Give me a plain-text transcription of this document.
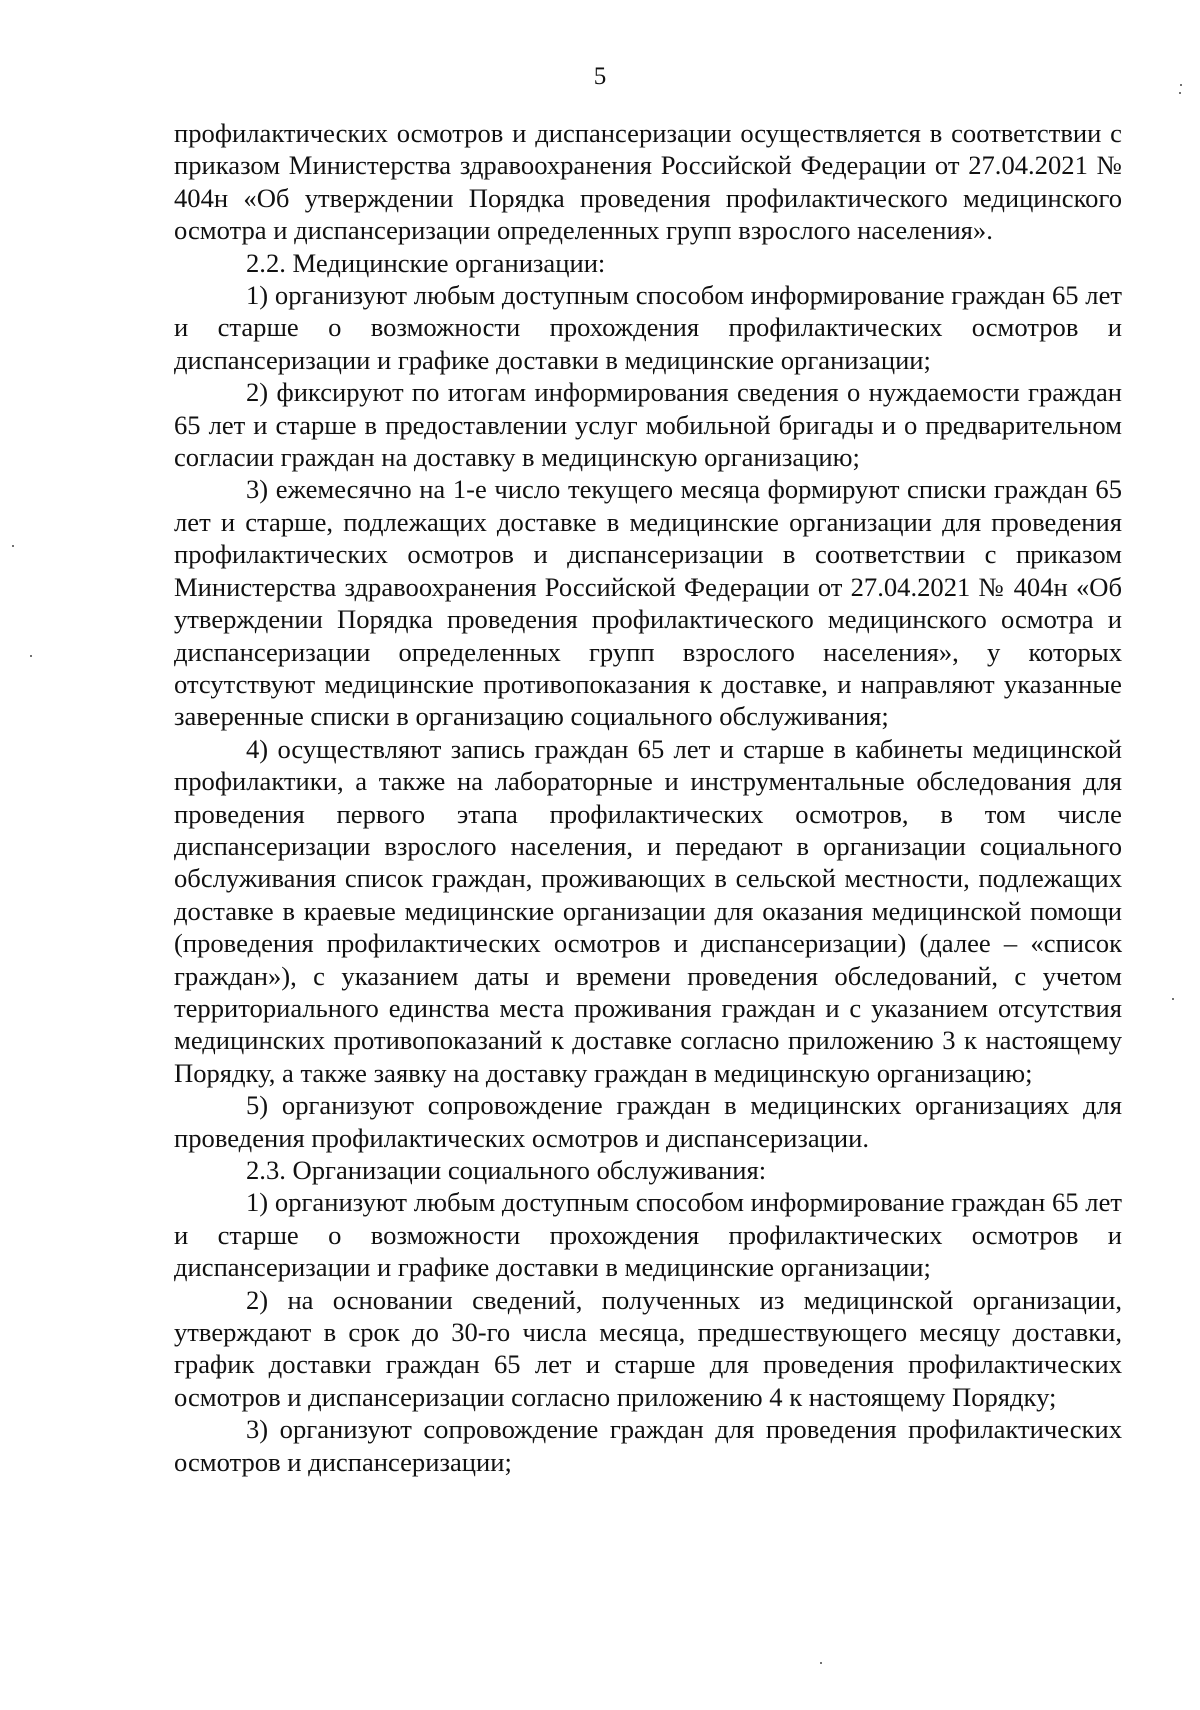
5

профилактических осмотров и диспансеризации осуществляется в соответствии с приказом Министерства здравоохранения Российской Федерации от 27.04.2021 № 404н «Об утверждении Порядка проведения профилактического медицинского осмотра и диспансеризации определенных групп взрослого населения».

2.2. Медицинские организации:

1) организуют любым доступным способом информирование граждан 65 лет и старше о возможности прохождения профилактических осмотров и диспансеризации и графике доставки в медицинские организации;

2) фиксируют по итогам информирования сведения о нуждаемости граждан 65 лет и старше в предоставлении услуг мобильной бригады и о предварительном согласии граждан на доставку в медицинскую организацию;

3) ежемесячно на 1-е число текущего месяца формируют списки граждан 65 лет и старше, подлежащих доставке в медицинские организации для проведения профилактических осмотров и диспансеризации в соответствии с приказом Министерства здравоохранения Российской Федерации от 27.04.2021 № 404н «Об утверждении Порядка проведения профилактического медицинского осмотра и диспансеризации определенных групп взрослого населения», у которых отсутствуют медицинские противопоказания к доставке, и направляют указанные заверенные списки в организацию социального обслуживания;

4) осуществляют запись граждан 65 лет и старше в кабинеты медицинской профилактики, а также на лабораторные и инструментальные обследования для проведения первого этапа профилактических осмотров, в том числе диспансеризации взрослого населения, и передают в организации социального обслуживания список граждан, проживающих в сельской местности, подлежащих доставке в краевые медицинские организации для оказания медицинской помощи (проведения профилактических осмотров и диспансеризации) (далее – «список граждан»), с указанием даты и времени проведения обследований, с учетом территориального единства места проживания граждан и с указанием отсутствия медицинских противопоказаний к доставке согласно приложению 3 к настоящему Порядку, а также заявку на доставку граждан в медицинскую организацию;

5) организуют сопровождение граждан в медицинских организациях для проведения профилактических осмотров и диспансеризации.

2.3. Организации социального обслуживания:

1) организуют любым доступным способом информирование граждан 65 лет и старше о возможности прохождения профилактических осмотров и диспансеризации и графике доставки в медицинские организации;

2) на основании сведений, полученных из медицинской организации, утверждают в срок до 30-го числа месяца, предшествующего месяцу доставки, график доставки граждан 65 лет и старше для проведения профилактических осмотров и диспансеризации согласно приложению 4 к настоящему Порядку;

3) организуют сопровождение граждан для проведения профилактических осмотров и диспансеризации;
